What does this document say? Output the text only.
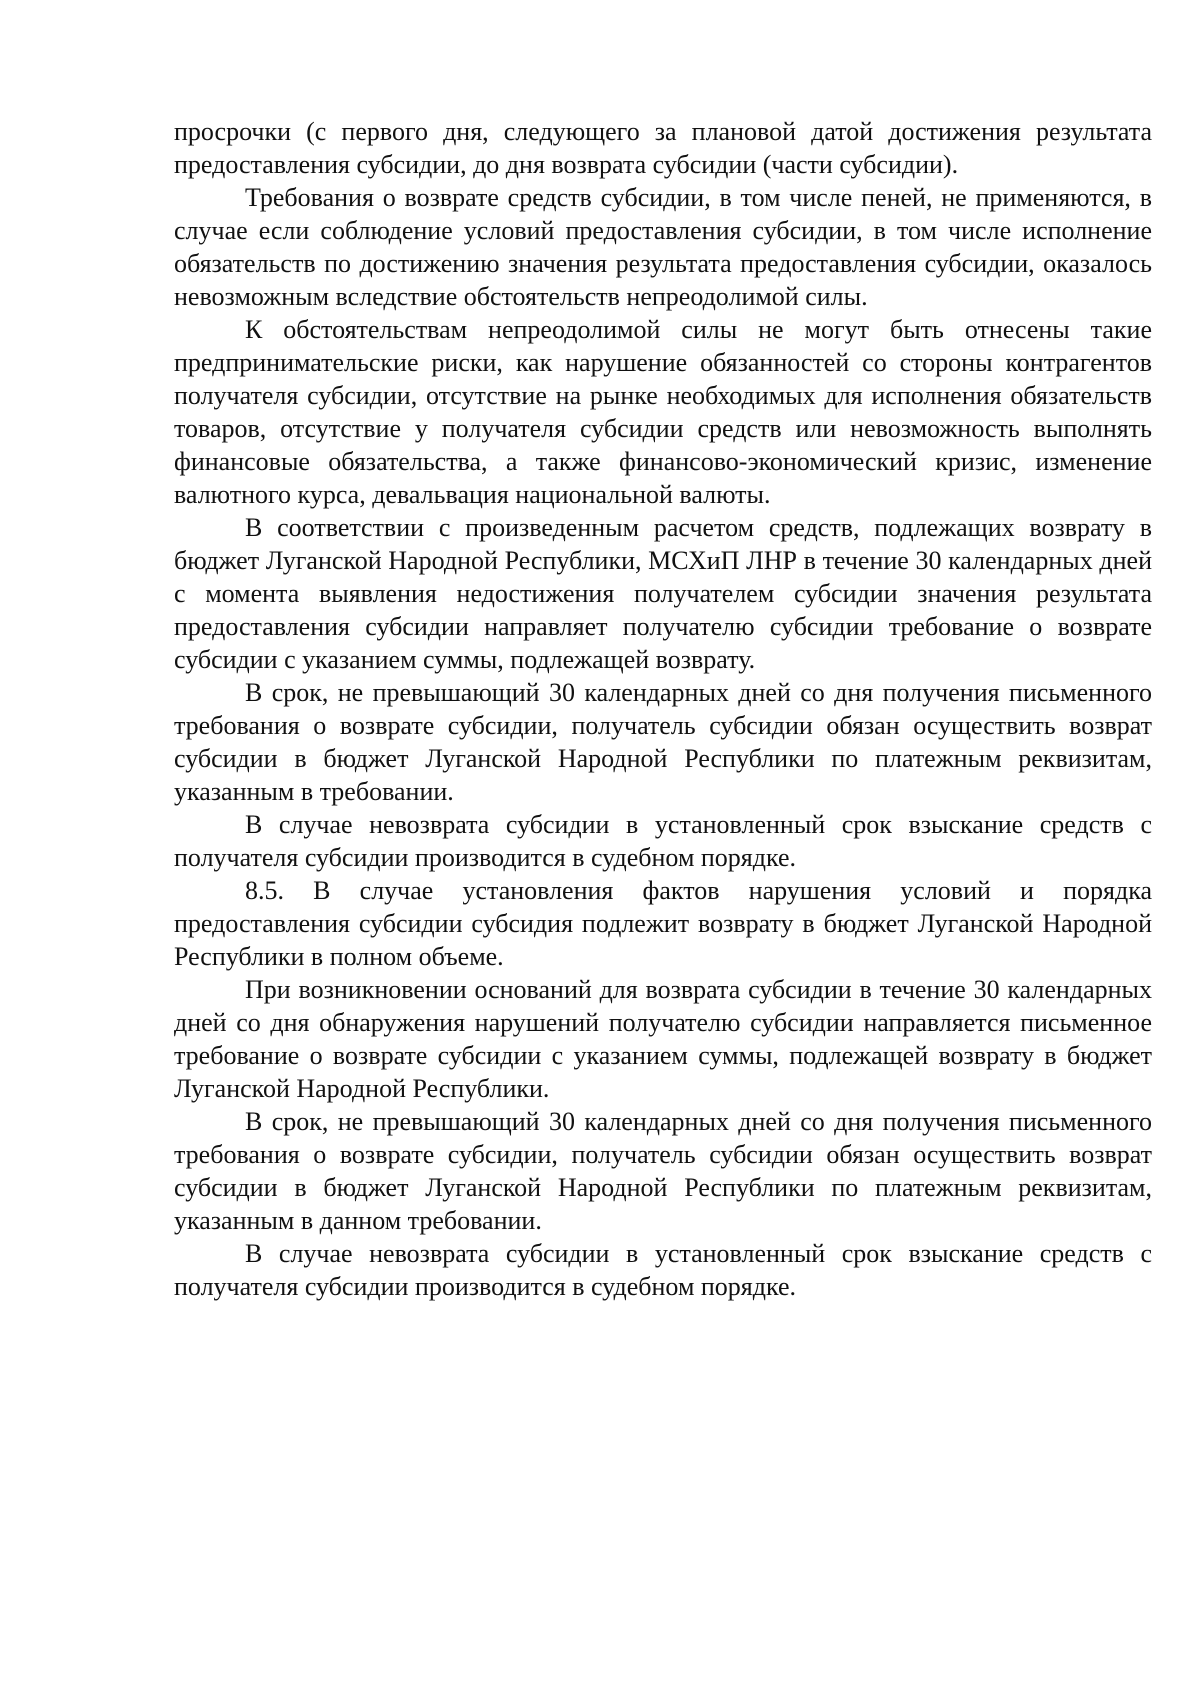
просрочки (с первого дня, следующего за плановой датой достижения результата предоставления субсидии, до дня возврата субсидии (части субсидии).

Требования о возврате средств субсидии, в том числе пеней, не применяются, в случае если соблюдение условий предоставления субсидии, в том числе исполнение обязательств по достижению значения результата предоставления субсидии, оказалось невозможным вследствие обстоятельств непреодолимой силы.

К обстоятельствам непреодолимой силы не могут быть отнесены такие предпринимательские риски, как нарушение обязанностей со стороны контрагентов получателя субсидии, отсутствие на рынке необходимых для исполнения обязательств товаров, отсутствие у получателя субсидии средств или невозможность выполнять финансовые обязательства, а также финансово-экономический кризис, изменение валютного курса, девальвация национальной валюты.

В соответствии с произведенным расчетом средств, подлежащих возврату в бюджет Луганской Народной Республики, МСХиП ЛНР в течение 30 календарных дней с момента выявления недостижения получателем субсидии значения результата предоставления субсидии направляет получателю субсидии требование о возврате субсидии с указанием суммы, подлежащей возврату.

В срок, не превышающий 30 календарных дней со дня получения письменного требования о возврате субсидии, получатель субсидии обязан осуществить возврат субсидии в бюджет Луганской Народной Республики по платежным реквизитам, указанным в требовании.

В случае невозврата субсидии в установленный срок взыскание средств с получателя субсидии производится в судебном порядке.

8.5. В случае установления фактов нарушения условий и порядка предоставления субсидии субсидия подлежит возврату в бюджет Луганской Народной Республики в полном объеме.

При возникновении оснований для возврата субсидии в течение 30 календарных дней со дня обнаружения нарушений получателю субсидии направляется письменное требование о возврате субсидии с указанием суммы, подлежащей возврату в бюджет Луганской Народной Республики.

В срок, не превышающий 30 календарных дней со дня получения письменного требования о возврате субсидии, получатель субсидии обязан осуществить возврат субсидии в бюджет Луганской Народной Республики по платежным реквизитам, указанным в данном требовании.

В случае невозврата субсидии в установленный срок взыскание средств с получателя субсидии производится в судебном порядке.
